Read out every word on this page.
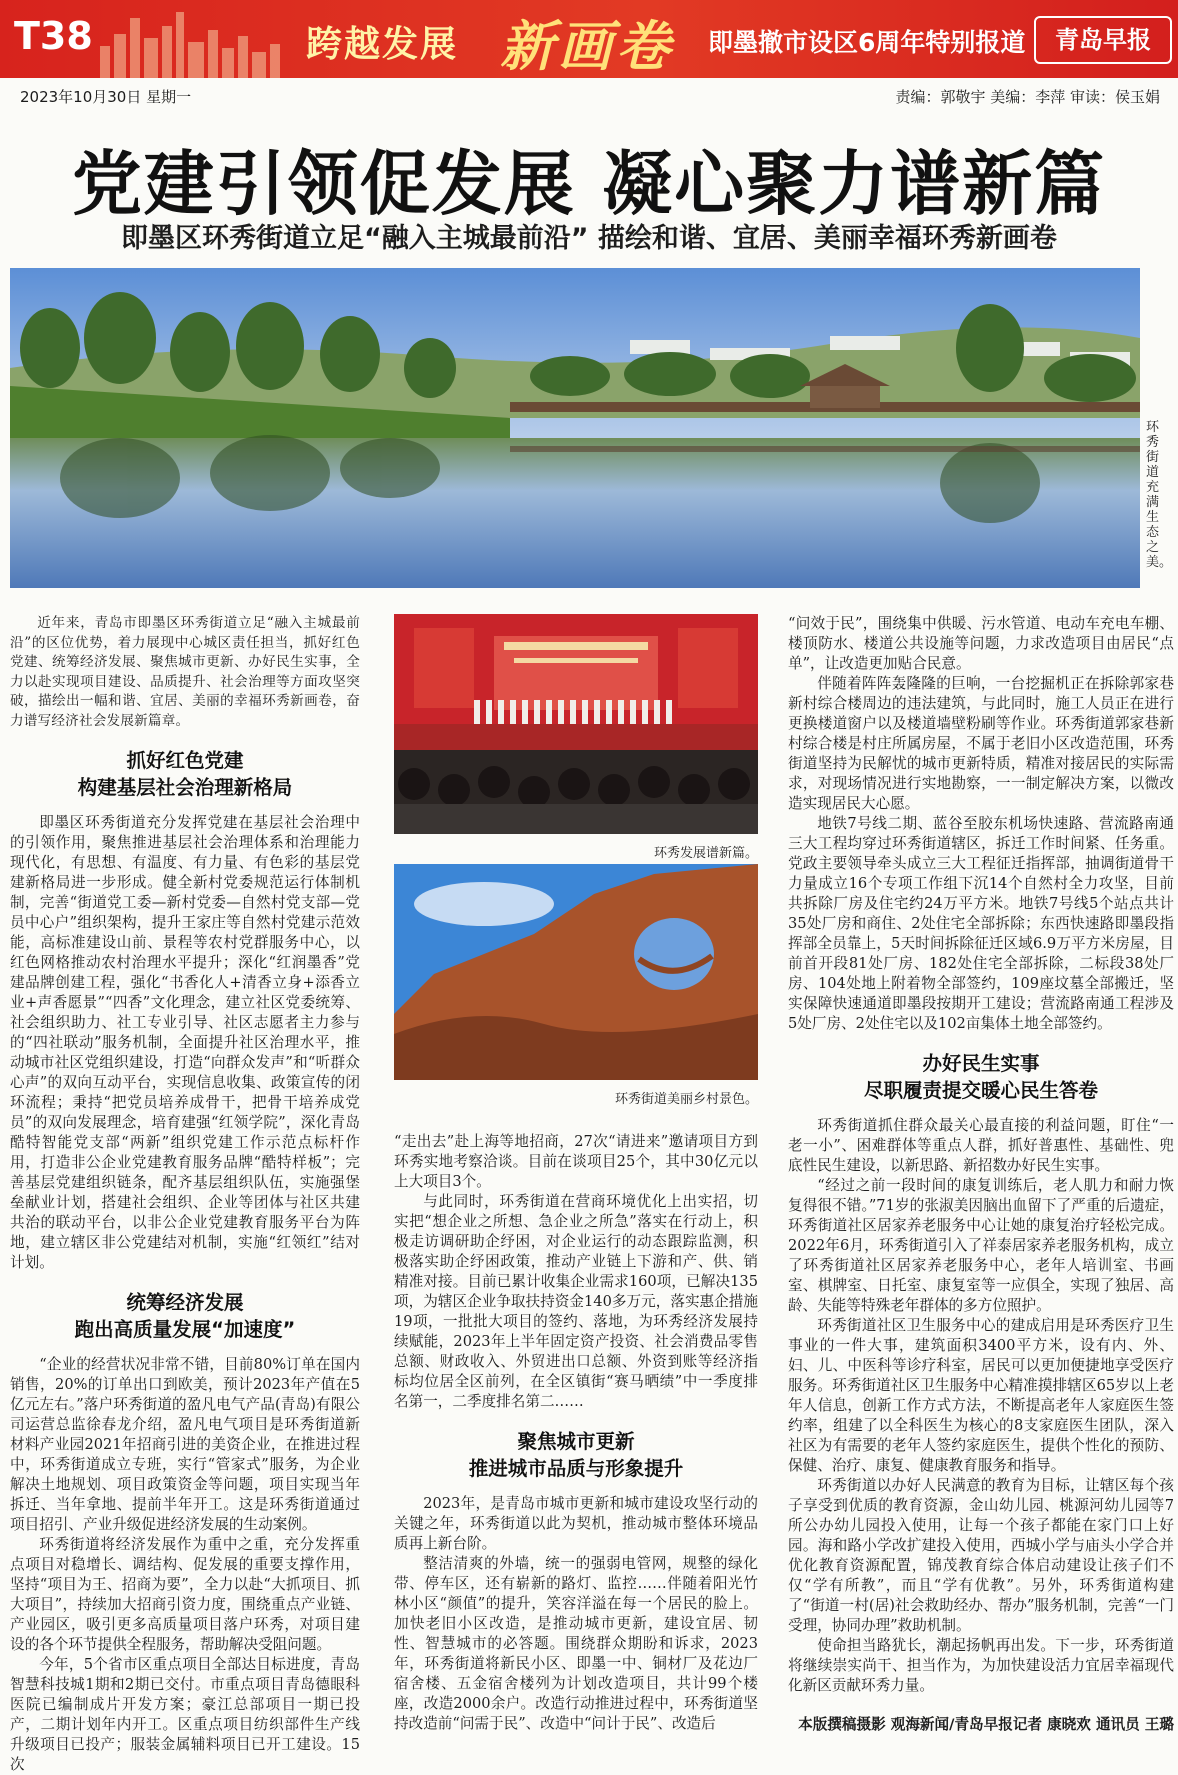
T38	跨越发展 新画卷 即墨撤市设区6周年特别报道	青岛早报
2023年10月30日 星期一	责编：郭敬宇 美编：李萍 审读：侯玉娟
党建引领促发展 凝心聚力谱新篇
即墨区环秀街道立足“融入主城最前沿” 描绘和谐、宜居、美丽幸福环秀新画卷
环秀街道充满生态之美。
环秀发展谱新篇。
环秀街道美丽乡村景色。

近年来，青岛市即墨区环秀街道立足“融入主城最前沿”的区位优势，着力展现中心城区责任担当，抓好红色党建、统筹经济发展、聚焦城市更新、办好民生实事，全力以赴实现项目建设、品质提升、社会治理等方面攻坚突破，描绘出一幅和谐、宜居、美丽的幸福环秀新画卷，奋力谱写经济社会发展新篇章。

抓好红色党建
构建基层社会治理新格局

即墨区环秀街道充分发挥党建在基层社会治理中的引领作用，聚焦推进基层社会治理体系和治理能力现代化，有思想、有温度、有力量、有色彩的基层党建新格局进一步形成。健全新村党委规范运行体制机制，完善“街道党工委—新村党委—自然村党支部—党员中心户”组织架构，提升王家庄等自然村党建示范效能，高标准建设山前、景程等农村党群服务中心，以红色网格推动农村治理水平提升；深化“红润墨香”党建品牌创建工程，强化“书香化人+清香立身+添香立业+声香愿景”“四香”文化理念，建立社区党委统筹、社会组织助力、社工专业引导、社区志愿者主力参与的“四社联动”服务机制，全面提升社区治理水平，推动城市社区党组织建设，打造“向群众发声”和“听群众心声”的双向互动平台，实现信息收集、政策宣传的闭环流程；秉持“把党员培养成骨干，把骨干培养成党员”的双向发展理念，培育建强“红领学院”，深化青岛酷特智能党支部“两新”组织党建工作示范点标杆作用，打造非公企业党建教育服务品牌“酷特样板”；完善基层党建组织链条，配齐基层组织队伍，实施强堡垒献业计划，搭建社会组织、企业等团体与社区共建共治的联动平台，以非公企业党建教育服务平台为阵地，建立辖区非公党建结对机制，实施“红领红”结对计划。

统筹经济发展
跑出高质量发展“加速度”

“企业的经营状况非常不错，目前80%订单在国内销售，20%的订单出口到欧美，预计2023年产值在5亿元左右。”落户环秀街道的盈凡电气产品(青岛)有限公司运营总监徐春龙介绍，盈凡电气项目是环秀街道新材料产业园2021年招商引进的美资企业，在推进过程中，环秀街道成立专班，实行“管家式”服务，为企业解决土地规划、项目政策资金等问题，项目实现当年拆迁、当年拿地、提前半年开工。这是环秀街道通过项目招引、产业升级促进经济发展的生动案例。

环秀街道将经济发展作为重中之重，充分发挥重点项目对稳增长、调结构、促发展的重要支撑作用，坚持“项目为王、招商为要”，全力以赴“大抓项目、抓大项目”，持续加大招商引资力度，围绕重点产业链、产业园区，吸引更多高质量项目落户环秀，对项目建设的各个环节提供全程服务，帮助解决受阻问题。

今年，5个省市区重点项目全部达目标进度，青岛智慧科技城1期和2期已交付。市重点项目青岛德眼科医院已编制成片开发方案；豪江总部项目一期已投产，二期计划年内开工。区重点项目纺织部件生产线升级项目已投产；服装金属辅料项目已开工建设。15次

“走出去”赴上海等地招商，27次“请进来”邀请项目方到环秀实地考察洽谈。目前在谈项目25个，其中30亿元以上大项目3个。

与此同时，环秀街道在营商环境优化上出实招，切实把“想企业之所想、急企业之所急”落实在行动上，积极走访调研助企纾困，对企业运行的动态跟踪监测，积极落实助企纾困政策，推动产业链上下游和产、供、销精准对接。目前已累计收集企业需求160项，已解决135项，为辖区企业争取扶持资金140多万元，落实惠企措施19项，一批批大项目的签约、落地，为环秀经济发展持续赋能，2023年上半年固定资产投资、社会消费品零售总额、财政收入、外贸进出口总额、外资到账等经济指标均位居全区前列，在全区镇街“赛马晒绩”中一季度排名第一，二季度排名第二……

聚焦城市更新
推进城市品质与形象提升

2023年，是青岛市城市更新和城市建设攻坚行动的关键之年，环秀街道以此为契机，推动城市整体环境品质再上新台阶。

整洁清爽的外墙，统一的强弱电管网，规整的绿化带、停车区，还有崭新的路灯、监控……伴随着阳光竹林小区“颜值”的提升，笑容洋溢在每一个居民的脸上。加快老旧小区改造，是推动城市更新，建设宜居、韧性、智慧城市的必答题。围绕群众期盼和诉求，2023年，环秀街道将新民小区、即墨一中、铜材厂及花边厂宿舍楼、五金宿舍楼列为计划改造项目，共计99个楼座，改造2000余户。改造行动推进过程中，环秀街道坚持改造前“问需于民”、改造中“问计于民”、改造后

“问效于民”，围绕集中供暖、污水管道、电动车充电车棚、楼顶防水、楼道公共设施等问题，力求改造项目由居民“点单”，让改造更加贴合民意。

伴随着阵阵轰隆隆的巨响，一台挖掘机正在拆除郭家巷新村综合楼周边的违法建筑，与此同时，施工人员正在进行更换楼道窗户以及楼道墙壁粉刷等作业。环秀街道郭家巷新村综合楼是村庄所属房屋，不属于老旧小区改造范围，环秀街道坚持为民解忧的城市更新特质，精准对接居民的实际需求，对现场情况进行实地勘察，一一制定解决方案，以微改造实现居民大心愿。

地铁7号线二期、蓝谷至胶东机场快速路、营流路南通三大工程均穿过环秀街道辖区，拆迁工作时间紧、任务重。党政主要领导牵头成立三大工程征迁指挥部，抽调街道骨干力量成立16个专项工作组下沉14个自然村全力攻坚，目前共拆除厂房及住宅约24万平方米。地铁7号线5个站点共计35处厂房和商住、2处住宅全部拆除；东西快速路即墨段指挥部全员靠上，5天时间拆除征迁区域6.9万平方米房屋，目前首开段81处厂房、182处住宅全部拆除，二标段38处厂房、104处地上附着物全部签约，109座坟墓全部搬迁，坚实保障快速通道即墨段按期开工建设；营流路南通工程涉及5处厂房、2处住宅以及102亩集体土地全部签约。

办好民生实事
尽职履责提交暖心民生答卷

环秀街道抓住群众最关心最直接的利益问题，盯住“一老一小”、困难群体等重点人群，抓好普惠性、基础性、兜底性民生建设，以新思路、新招数办好民生实事。

“经过之前一段时间的康复训练后，老人肌力和耐力恢复得很不错。”71岁的张淑美因脑出血留下了严重的后遗症，环秀街道社区居家养老服务中心让她的康复治疗轻松完成。2022年6月，环秀街道引入了祥泰居家养老服务机构，成立了环秀街道社区居家养老服务中心，老年人培训室、书画室、棋牌室、日托室、康复室等一应俱全，实现了独居、高龄、失能等特殊老年群体的多方位照护。

环秀街道社区卫生服务中心的建成启用是环秀医疗卫生事业的一件大事，建筑面积3400平方米，设有内、外、妇、儿、中医科等诊疗科室，居民可以更加便捷地享受医疗服务。环秀街道社区卫生服务中心精准摸排辖区65岁以上老年人信息，创新工作方式方法，不断提高老年人家庭医生签约率，组建了以全科医生为核心的8支家庭医生团队，深入社区为有需要的老年人签约家庭医生，提供个性化的预防、保健、治疗、康复、健康教育服务和指导。

环秀街道以办好人民满意的教育为目标，让辖区每个孩子享受到优质的教育资源，金山幼儿园、桃源河幼儿园等7所公办幼儿园投入使用，让每一个孩子都能在家门口上好园。海和路小学改扩建投入使用，西城小学与庙头小学合并优化教育资源配置，锦茂教育综合体启动建设让孩子们不仅“学有所教”，而且“学有优教”。另外，环秀街道构建了“街道一村(居)社会救助经办、帮办”服务机制，完善“一门受理，协同办理”救助机制。

使命担当路犹长，潮起扬帆再出发。下一步，环秀街道将继续崇实尚干、担当作为，为加快建设活力宜居幸福现代化新区贡献环秀力量。

本版撰稿摄影 观海新闻/青岛早报记者 康晓欢 通讯员 王璐
